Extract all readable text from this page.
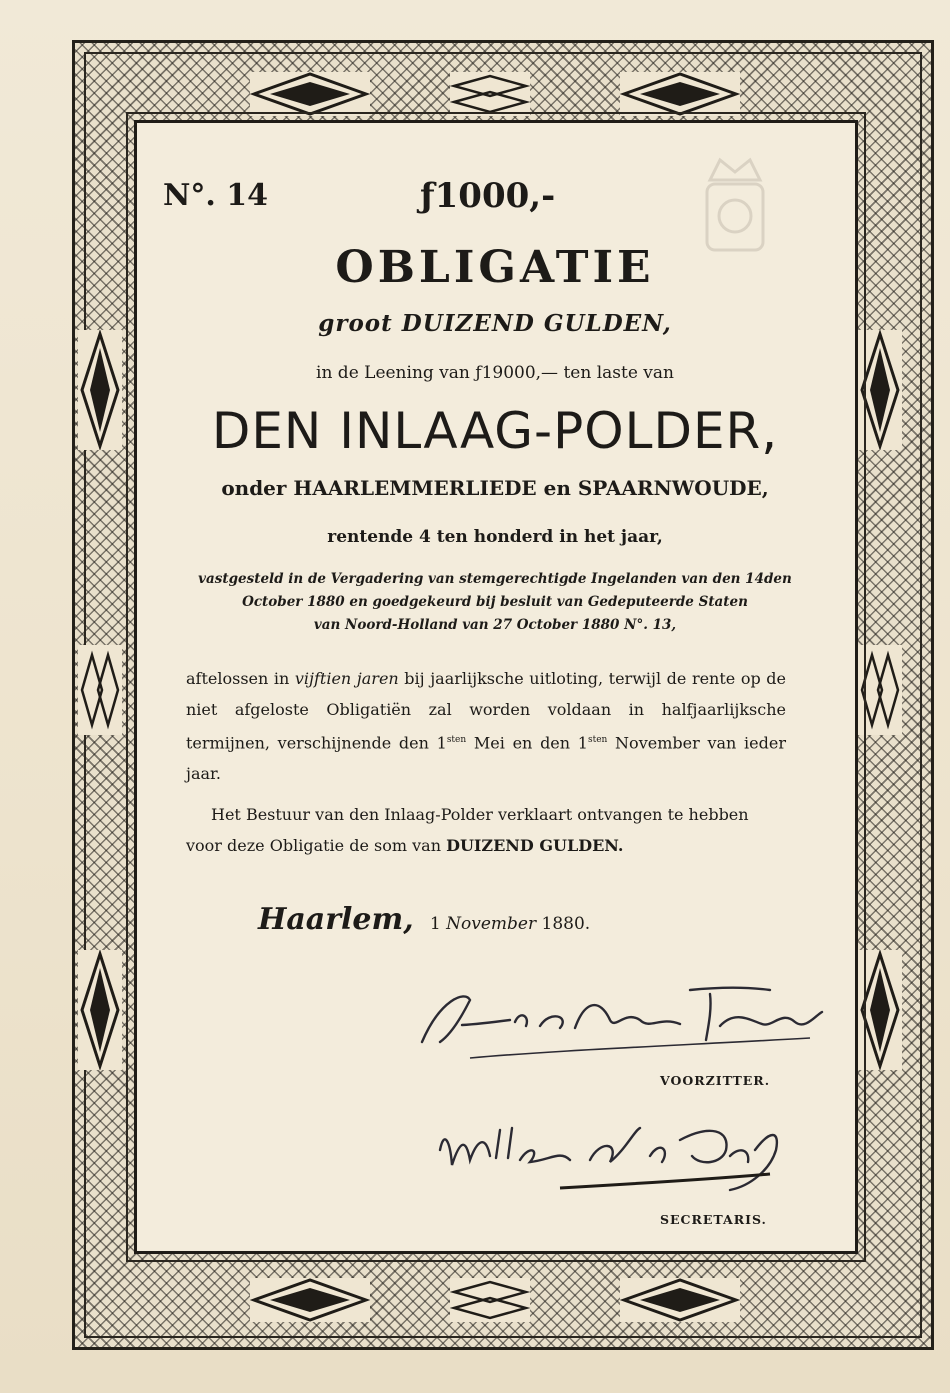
N°. 14	ƒ1000,-
OBLIGATIE
groot DUIZEND GULDEN,
in de Leening van ƒ19000,— ten laste van
DEN INLAAG-POLDER,
onder HAARLEMMERLIEDE en SPAARNWOUDE,
rentende 4 ten honderd in het jaar,
vastgesteld in de Vergadering van stemgerechtigde Ingelanden van den 14den
October 1880 en goedgekeurd bij besluit van Gedeputeerde Staten
van Noord-Holland van 27 October 1880 N°. 13,
aftelossen in vijftien jaren bij jaarlijksche uitloting, terwijl de rente op de niet afgeloste Obligatiën zal worden voldaan in halfjaarlijksche termijnen, verschijnende den $1^{sten}$ Mei en den $1^{sten}$ November van ieder jaar.
Het Bestuur van den Inlaag-Polder verklaart ontvangen te hebben
voor deze Obligatie de som van DUIZEND GULDEN.
Haarlem, 1 November 1880.
VOORZITTER.
SECRETARIS.
